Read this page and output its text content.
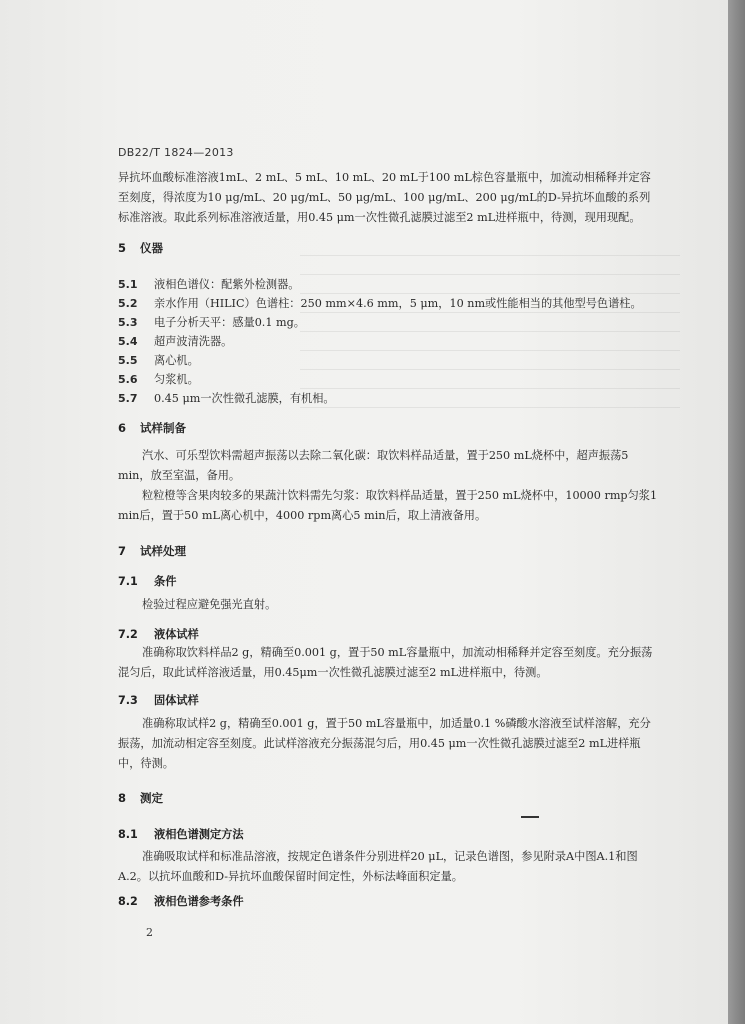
DB22/T 1824—2013
异抗坏血酸标准溶液1mL、2 mL、5 mL、10 mL、20 mL于100 mL棕色容量瓶中，加流动相稀释并定容至刻度，得浓度为10 μg/mL、20 μg/mL、50 μg/mL、100 μg/mL、200 μg/mL的D-异抗坏血酸的系列标准溶液。取此系列标准溶液适量，用0.45 μm一次性微孔滤膜过滤至2 mL进样瓶中，待测，现用现配。
5 仪器
5.1 液相色谱仪：配紫外检测器。
5.2 亲水作用（HILIC）色谱柱：250 mm×4.6 mm，5 μm，10 nm或性能相当的其他型号色谱柱。
5.3 电子分析天平：感量0.1 mg。
5.4 超声波清洗器。
5.5 离心机。
5.6 匀浆机。
5.7 0.45 μm一次性微孔滤膜，有机相。
6 试样制备
汽水、可乐型饮料需超声振荡以去除二氧化碳：取饮料样品适量，置于250 mL烧杯中，超声振荡5 min，放至室温，备用。
粒粒橙等含果肉较多的果蔬汁饮料需先匀浆：取饮料样品适量，置于250 mL烧杯中，10000 rmp匀浆1 min后，置于50 mL离心机中，4000 rpm离心5 min后，取上清液备用。
7 试样处理
7.1 条件
检验过程应避免强光直射。
7.2 液体试样
准确称取饮料样品2 g，精确至0.001 g，置于50 mL容量瓶中，加流动相稀释并定容至刻度。充分振荡混匀后，取此试样溶液适量，用0.45μm一次性微孔滤膜过滤至2 mL进样瓶中，待测。
7.3 固体试样
准确称取试样2 g，精确至0.001 g，置于50 mL容量瓶中，加适量0.1 %磷酸水溶液至试样溶解，充分振荡，加流动相定容至刻度。此试样溶液充分振荡混匀后，用0.45 μm一次性微孔滤膜过滤至2 mL进样瓶中，待测。
8 测定
8.1 液相色谱测定方法
准确吸取试样和标准品溶液，按规定色谱条件分别进样20 μL，记录色谱图，参见附录A中图A.1和图A.2。以抗坏血酸和D-异抗坏血酸保留时间定性，外标法峰面积定量。
8.2 液相色谱参考条件
2
